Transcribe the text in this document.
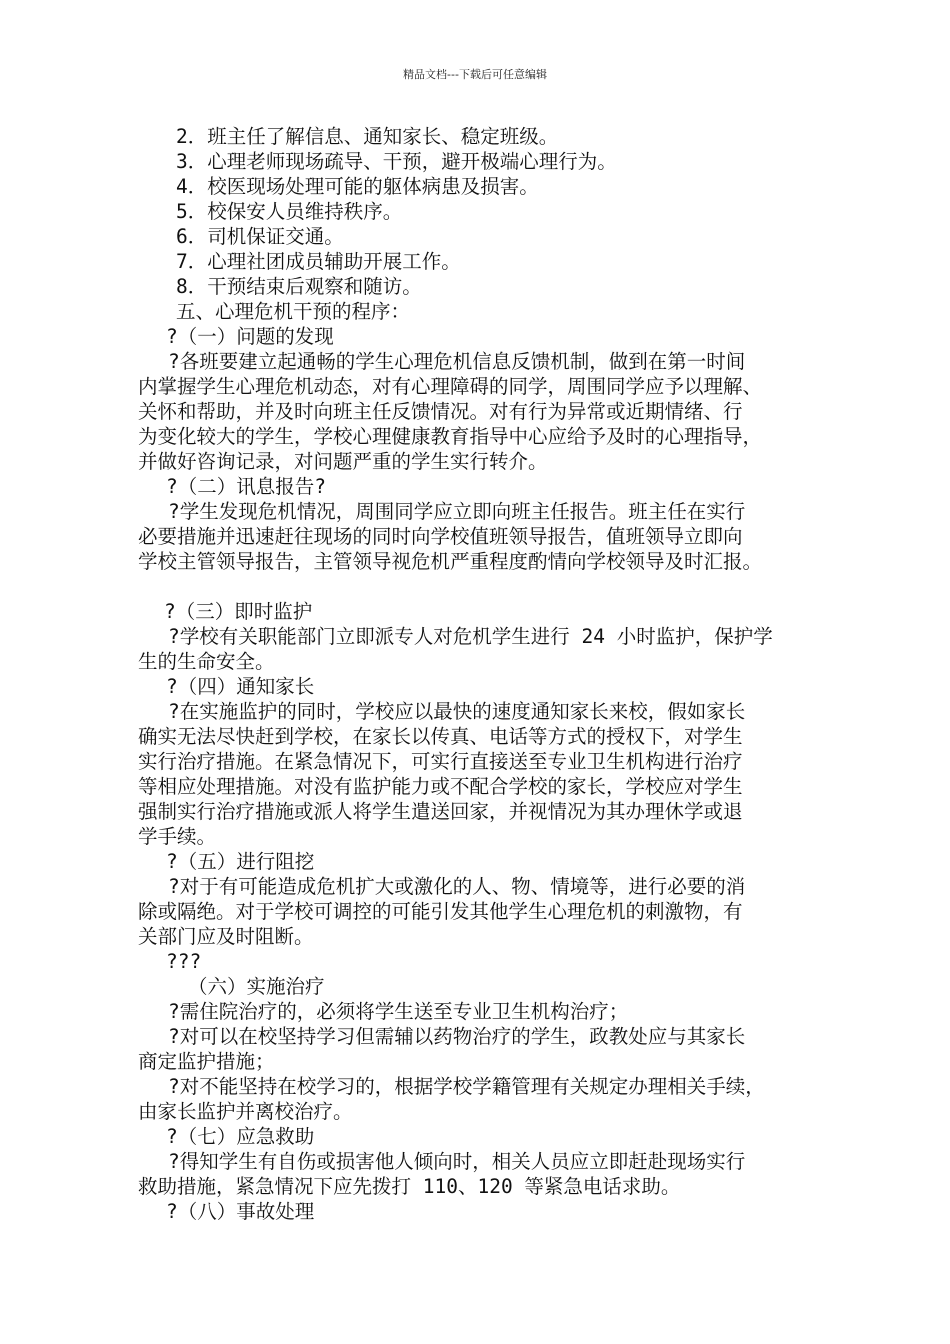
精品文档---下载后可任意编辑
2．班主任了解信息、通知家长、稳定班级。
3．心理老师现场疏导、干预，避开极端心理行为。
4．校医现场处理可能的躯体病患及损害。
5．校保安人员维持秩序。
6．司机保证交通。
7．心理社团成员辅助开展工作。
8．干预结束后观察和随访。
五、心理危机干预的程序：
?（一）问题的发现
?各班要建立起通畅的学生心理危机信息反馈机制，做到在第一时间
内掌握学生心理危机动态，对有心理障碍的同学，周围同学应予以理解、
关怀和帮助，并及时向班主任反馈情况。对有行为异常或近期情绪、行
为变化较大的学生，学校心理健康教育指导中心应给予及时的心理指导，
并做好咨询记录，对问题严重的学生实行转介。
?（二）讯息报告?
?学生发现危机情况，周围同学应立即向班主任报告。班主任在实行
必要措施并迅速赶往现场的同时向学校值班领导报告，值班领导立即向
学校主管领导报告，主管领导视危机严重程度酌情向学校领导及时汇报。
?（三）即时监护
?学校有关职能部门立即派专人对危机学生进行 24 小时监护，保护学
生的生命安全。
?（四）通知家长
?在实施监护的同时，学校应以最快的速度通知家长来校，假如家长
确实无法尽快赶到学校，在家长以传真、电话等方式的授权下，对学生
实行治疗措施。在紧急情况下，可实行直接送至专业卫生机构进行治疗
等相应处理措施。对没有监护能力或不配合学校的家长，学校应对学生
强制实行治疗措施或派人将学生遣送回家，并视情况为其办理休学或退
学手续。
?（五）进行阻挖
?对于有可能造成危机扩大或激化的人、物、情境等，进行必要的消
除或隔绝。对于学校可调控的可能引发其他学生心理危机的刺激物，有
关部门应及时阻断。
???
（六）实施治疗
?需住院治疗的，必须将学生送至专业卫生机构治疗；
?对可以在校坚持学习但需辅以药物治疗的学生，政教处应与其家长
商定监护措施；
?对不能坚持在校学习的，根据学校学籍管理有关规定办理相关手续，
由家长监护并离校治疗。
?（七）应急救助
?得知学生有自伤或损害他人倾向时，相关人员应立即赶赴现场实行
救助措施，紧急情况下应先拨打 110、120 等紧急电话求助。
?（八）事故处理
